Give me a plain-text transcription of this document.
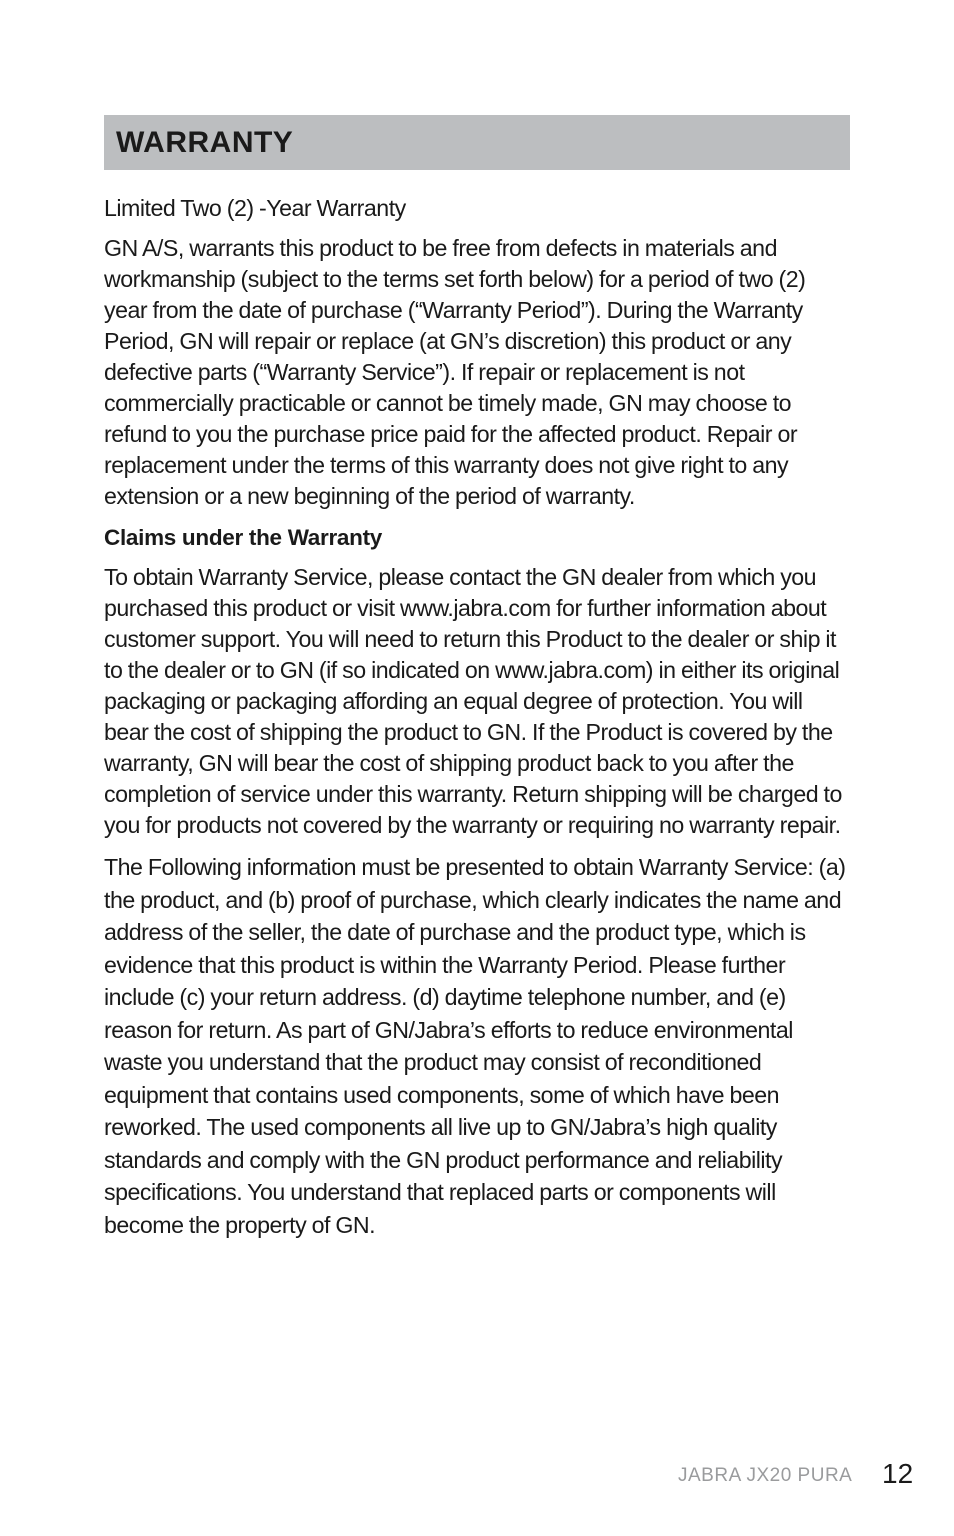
WARRANTY

Limited Two (2) -Year Warranty

GN A/S, warrants this product to be free from defects in materials and workmanship (subject to the terms set forth below) for a period of two (2) year from the date of purchase (“Warranty Period”). During the Warranty Period, GN will repair or replace (at GN’s discretion) this product or any defective parts (“Warranty Service”). If repair or replacement is not commercially practicable or cannot be timely made, GN may choose to refund to you the purchase price paid for the affected product. Repair or replacement under the terms of this warranty does not give right to any extension or a new beginning of the period of warranty.

Claims under the Warranty

To obtain Warranty Service, please contact the GN dealer from which you purchased this product or visit www.jabra.com for further information about customer support. You will need to return this Product to the dealer or ship it to the dealer or to GN (if so indicated on www.jabra.com) in either its original packaging or packaging affording an equal degree of protection. You will bear the cost of shipping the product to GN. If the Product is covered by the warranty, GN will bear the cost of shipping product back to you after the completion of service under this warranty. Return shipping will be charged to you for products not covered by the warranty or requiring no warranty repair.

The Following information must be presented to obtain Warranty Service: (a) the product, and (b) proof of purchase, which clearly indicates the name and address of the seller, the date of purchase and the product type, which is evidence that this product is within the Warranty Period. Please further include (c) your return address. (d) daytime telephone number, and (e) reason for return. As part of GN/Jabra’s efforts to reduce environmental waste you understand that the product may consist of reconditioned equipment that contains used components, some of which have been reworked. The used components all live up to GN/Jabra’s high quality standards and comply with the GN product performance and reliability specifications. You understand that replaced parts or components will become the property of GN.

JABRA JX20 PURA 12
